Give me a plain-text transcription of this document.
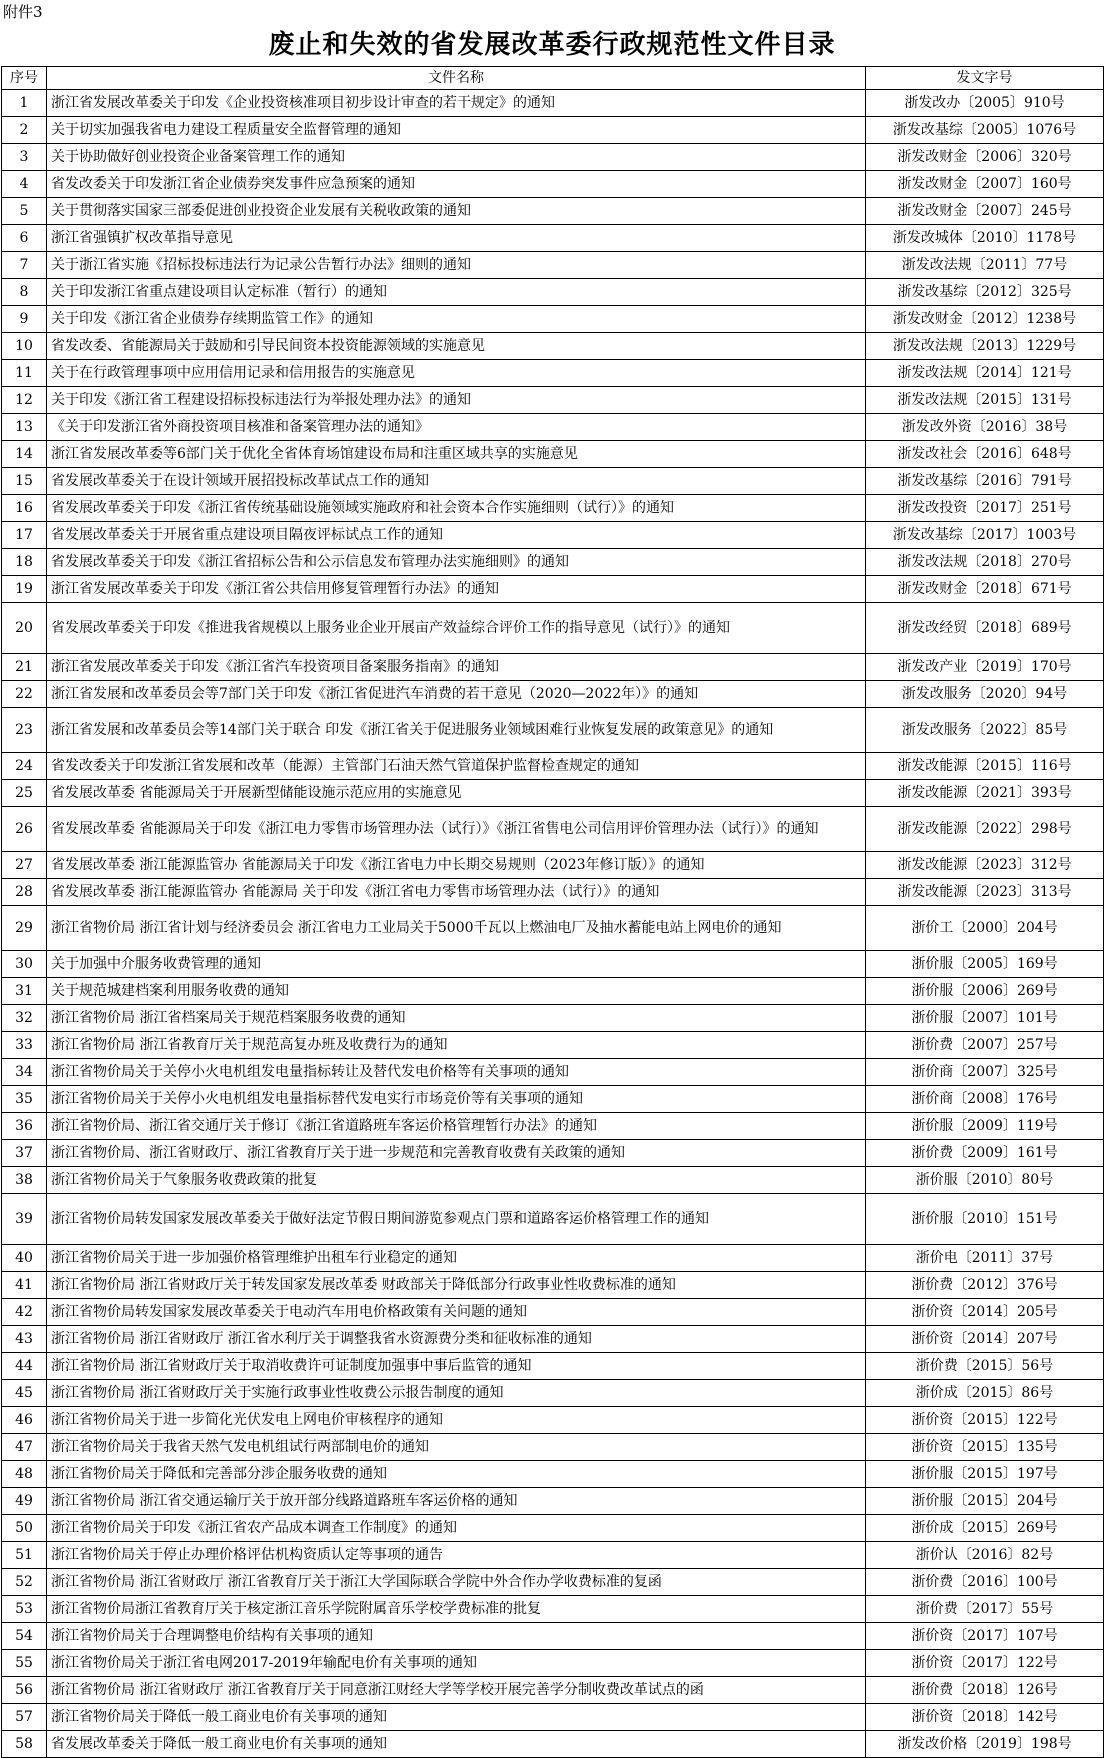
附件3
废止和失效的省发展改革委行政规范性文件目录
序号	文件名称	发文字号
1	浙江省发展改革委关于印发《企业投资核准项目初步设计审查的若干规定》的通知	浙发改办〔2005〕910号
2	关于切实加强我省电力建设工程质量安全监督管理的通知	浙发改基综〔2005〕1076号
3	关于协助做好创业投资企业备案管理工作的通知	浙发改财金〔2006〕320号
4	省发改委关于印发浙江省企业债券突发事件应急预案的通知	浙发改财金〔2007〕160号
5	关于贯彻落实国家三部委促进创业投资企业发展有关税收政策的通知	浙发改财金〔2007〕245号
6	浙江省强镇扩权改革指导意见	浙发改城体〔2010〕1178号
7	关于浙江省实施《招标投标违法行为记录公告暂行办法》细则的通知	浙发改法规〔2011〕77号
8	关于印发浙江省重点建设项目认定标准（暂行）的通知	浙发改基综〔2012〕325号
9	关于印发《浙江省企业债券存续期监管工作》的通知	浙发改财金〔2012〕1238号
10	省发改委、省能源局关于鼓励和引导民间资本投资能源领域的实施意见	浙发改法规〔2013〕1229号
11	关于在行政管理事项中应用信用记录和信用报告的实施意见	浙发改法规〔2014〕121号
12	关于印发《浙江省工程建设招标投标违法行为举报处理办法》的通知	浙发改法规〔2015〕131号
13	《关于印发浙江省外商投资项目核准和备案管理办法的通知》	浙发改外资〔2016〕38号
14	浙江省发展改革委等6部门关于优化全省体育场馆建设布局和注重区域共享的实施意见	浙发改社会〔2016〕648号
15	省发展改革委关于在设计领域开展招投标改革试点工作的通知	浙发改基综〔2016〕791号
16	省发展改革委关于印发《浙江省传统基础设施领域实施政府和社会资本合作实施细则（试行）》的通知	浙发改投资〔2017〕251号
17	省发展改革委关于开展省重点建设项目隔夜评标试点工作的通知	浙发改基综〔2017〕1003号
18	省发展改革委关于印发《浙江省招标公告和公示信息发布管理办法实施细则》的通知	浙发改法规〔2018〕270号
19	浙江省发展改革委关于印发《浙江省公共信用修复管理暂行办法》的通知	浙发改财金〔2018〕671号
20	省发展改革委关于印发《推进我省规模以上服务业企业开展亩产效益综合评价工作的指导意见（试行）》的通知	浙发改经贸〔2018〕689号
21	浙江省发展改革委关于印发《浙江省汽车投资项目备案服务指南》的通知	浙发改产业〔2019〕170号
22	浙江省发展和改革委员会等7部门关于印发《浙江省促进汽车消费的若干意见（2020—2022年）》的通知	浙发改服务〔2020〕94号
23	浙江省发展和改革委员会等14部门关于联合 印发《浙江省关于促进服务业领域困难行业恢复发展的政策意见》的通知	浙发改服务〔2022〕85号
24	省发改委关于印发浙江省发展和改革（能源）主管部门石油天然气管道保护监督检查规定的通知	浙发改能源〔2015〕116号
25	省发展改革委 省能源局关于开展新型储能设施示范应用的实施意见	浙发改能源〔2021〕393号
26	省发展改革委 省能源局关于印发《浙江电力零售市场管理办法（试行）》《浙江省售电公司信用评价管理办法（试行）》的通知	浙发改能源〔2022〕298号
27	省发展改革委 浙江能源监管办 省能源局关于印发《浙江省电力中长期交易规则（2023年修订版）》的通知	浙发改能源〔2023〕312号
28	省发展改革委 浙江能源监管办 省能源局 关于印发《浙江省电力零售市场管理办法（试行）》的通知	浙发改能源〔2023〕313号
29	浙江省物价局 浙江省计划与经济委员会 浙江省电力工业局关于5000千瓦以上燃油电厂及抽水蓄能电站上网电价的通知	浙价工〔2000〕204号
30	关于加强中介服务收费管理的通知	浙价服〔2005〕169号
31	关于规范城建档案利用服务收费的通知	浙价服〔2006〕269号
32	浙江省物价局 浙江省档案局关于规范档案服务收费的通知	浙价服〔2007〕101号
33	浙江省物价局 浙江省教育厅关于规范高复办班及收费行为的通知	浙价费〔2007〕257号
34	浙江省物价局关于关停小火电机组发电量指标转让及替代发电价格等有关事项的通知	浙价商〔2007〕325号
35	浙江省物价局关于关停小火电机组发电量指标替代发电实行市场竞价等有关事项的通知	浙价商〔2008〕176号
36	浙江省物价局、浙江省交通厅关于修订《浙江省道路班车客运价格管理暂行办法》的通知	浙价服〔2009〕119号
37	浙江省物价局、浙江省财政厅、浙江省教育厅关于进一步规范和完善教育收费有关政策的通知	浙价费〔2009〕161号
38	浙江省物价局关于气象服务收费政策的批复	浙价服〔2010〕80号
39	浙江省物价局转发国家发展改革委关于做好法定节假日期间游览参观点门票和道路客运价格管理工作的通知	浙价服〔2010〕151号
40	浙江省物价局关于进一步加强价格管理维护出租车行业稳定的通知	浙价电〔2011〕37号
41	浙江省物价局 浙江省财政厅关于转发国家发展改革委 财政部关于降低部分行政事业性收费标准的通知	浙价费〔2012〕376号
42	浙江省物价局转发国家发展改革委关于电动汽车用电价格政策有关问题的通知	浙价资〔2014〕205号
43	浙江省物价局 浙江省财政厅 浙江省水利厅关于调整我省水资源费分类和征收标准的通知	浙价资〔2014〕207号
44	浙江省物价局 浙江省财政厅关于取消收费许可证制度加强事中事后监管的通知	浙价费〔2015〕56号
45	浙江省物价局 浙江省财政厅关于实施行政事业性收费公示报告制度的通知	浙价成〔2015〕86号
46	浙江省物价局关于进一步简化光伏发电上网电价审核程序的通知	浙价资〔2015〕122号
47	浙江省物价局关于我省天然气发电机组试行两部制电价的通知	浙价资〔2015〕135号
48	浙江省物价局关于降低和完善部分涉企服务收费的通知	浙价服〔2015〕197号
49	浙江省物价局 浙江省交通运输厅关于放开部分线路道路班车客运价格的通知	浙价服〔2015〕204号
50	浙江省物价局关于印发《浙江省农产品成本调查工作制度》的通知	浙价成〔2015〕269号
51	浙江省物价局关于停止办理价格评估机构资质认定等事项的通告	浙价认〔2016〕82号
52	浙江省物价局 浙江省财政厅 浙江省教育厅关于浙江大学国际联合学院中外合作办学收费标准的复函	浙价费〔2016〕100号
53	浙江省物价局浙江省教育厅关于核定浙江音乐学院附属音乐学校学费标准的批复	浙价费〔2017〕55号
54	浙江省物价局关于合理调整电价结构有关事项的通知	浙价资〔2017〕107号
55	浙江省物价局关于浙江省电网2017-2019年输配电价有关事项的通知	浙价资〔2017〕122号
56	浙江省物价局 浙江省财政厅 浙江省教育厅关于同意浙江财经大学等学校开展完善学分制收费改革试点的函	浙价费〔2018〕126号
57	浙江省物价局关于降低一般工商业电价有关事项的通知	浙价资〔2018〕142号
58	省发展改革委关于降低一般工商业电价有关事项的通知	浙发改价格〔2019〕198号
